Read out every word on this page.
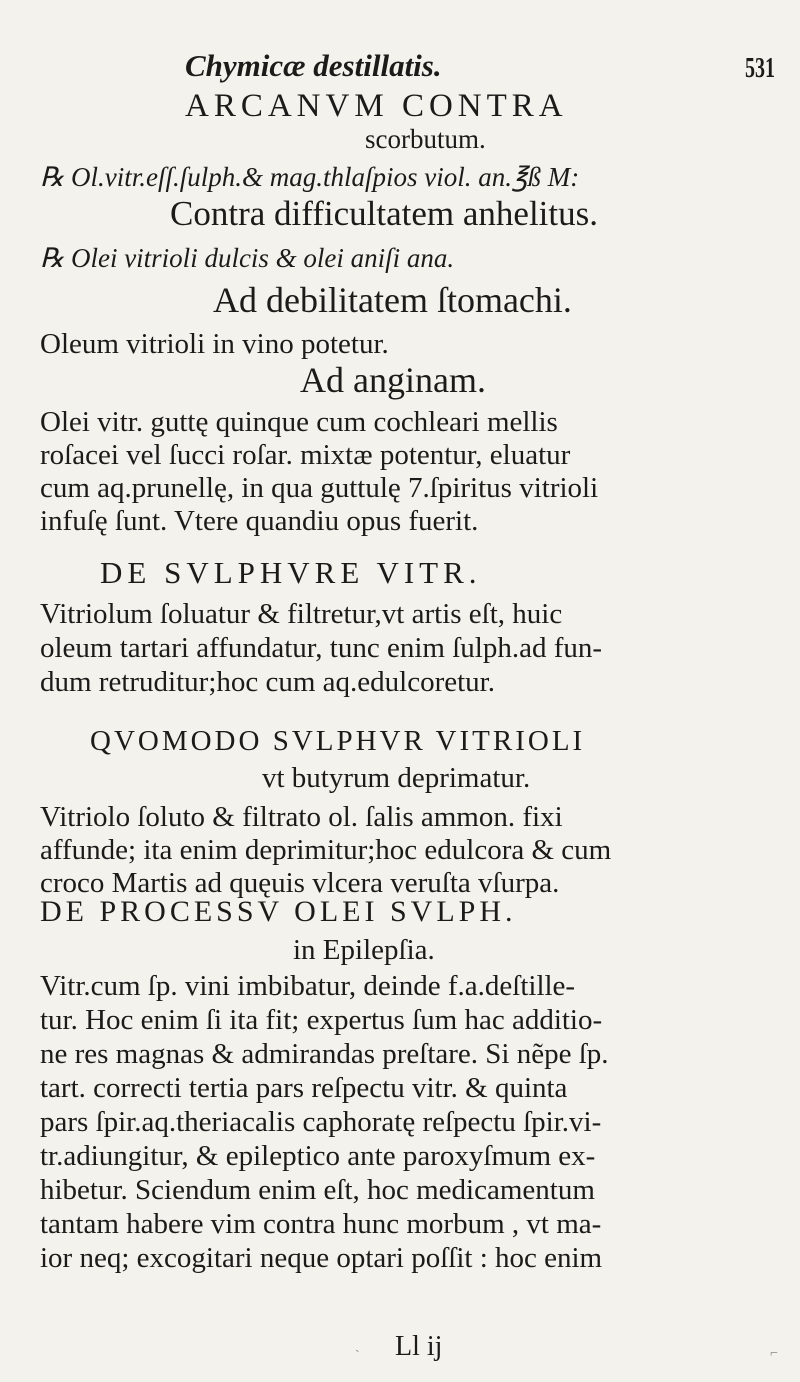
Chymicæ destillatis.	531
ARCANVM CONTRA
scorbutum.
℞ Ol.vitr.eſſ.ſulph.& mag.thlaſpios viol. an.℥ß M:
Contra difficultatem anhelitus.
℞ Olei vitrioli dulcis & olei aniſi ana.
Ad debilitatem ſtomachi.
Oleum vitrioli in vino potetur.
Ad anginam.
Olei vitr. guttę quinque cum cochleari mellis
roſacei vel ſucci roſar. mixtæ potentur, eluatur
cum aq.prunellę, in qua guttulę 7.ſpiritus vitrioli
infuſę ſunt. Vtere quandiu opus fuerit.
DE SVLPHVRE VITR.
Vitriolum ſoluatur & filtretur,vt artis eſt, huic
oleum tartari affundatur, tunc enim ſulph.ad fun-
dum retruditur;hoc cum aq.edulcoretur.
QVOMODO SVLPHVR VITRIOLI
vt butyrum deprimatur.
Vitriolo ſoluto & filtrato ol. ſalis ammon. fixi
affunde; ita enim deprimitur;hoc edulcora & cum
croco Martis ad quęuis vlcera veruſta vſurpa.
DE PROCESSV OLEI SVLPH.
in Epilepſia.
Vitr.cum ſp. vini imbibatur, deinde f.a.deſtille-
tur. Hoc enim ſi ita fit; expertus ſum hac additio-
ne res magnas & admirandas preſtare. Si nẽpe ſp.
tart. correcti tertia pars reſpectu vitr. & quinta
pars ſpir.aq.theriacalis caphoratę reſpectu ſpir.vi-
tr.adiungitur, & epileptico ante paroxyſmum ex-
hibetur. Sciendum enim eſt, hoc medicamentum
tantam habere vim contra hunc morbum , vt ma-
ior neq; excogitari neque optari poſſit : hoc enim
Ll ij
ˏ
⌐
